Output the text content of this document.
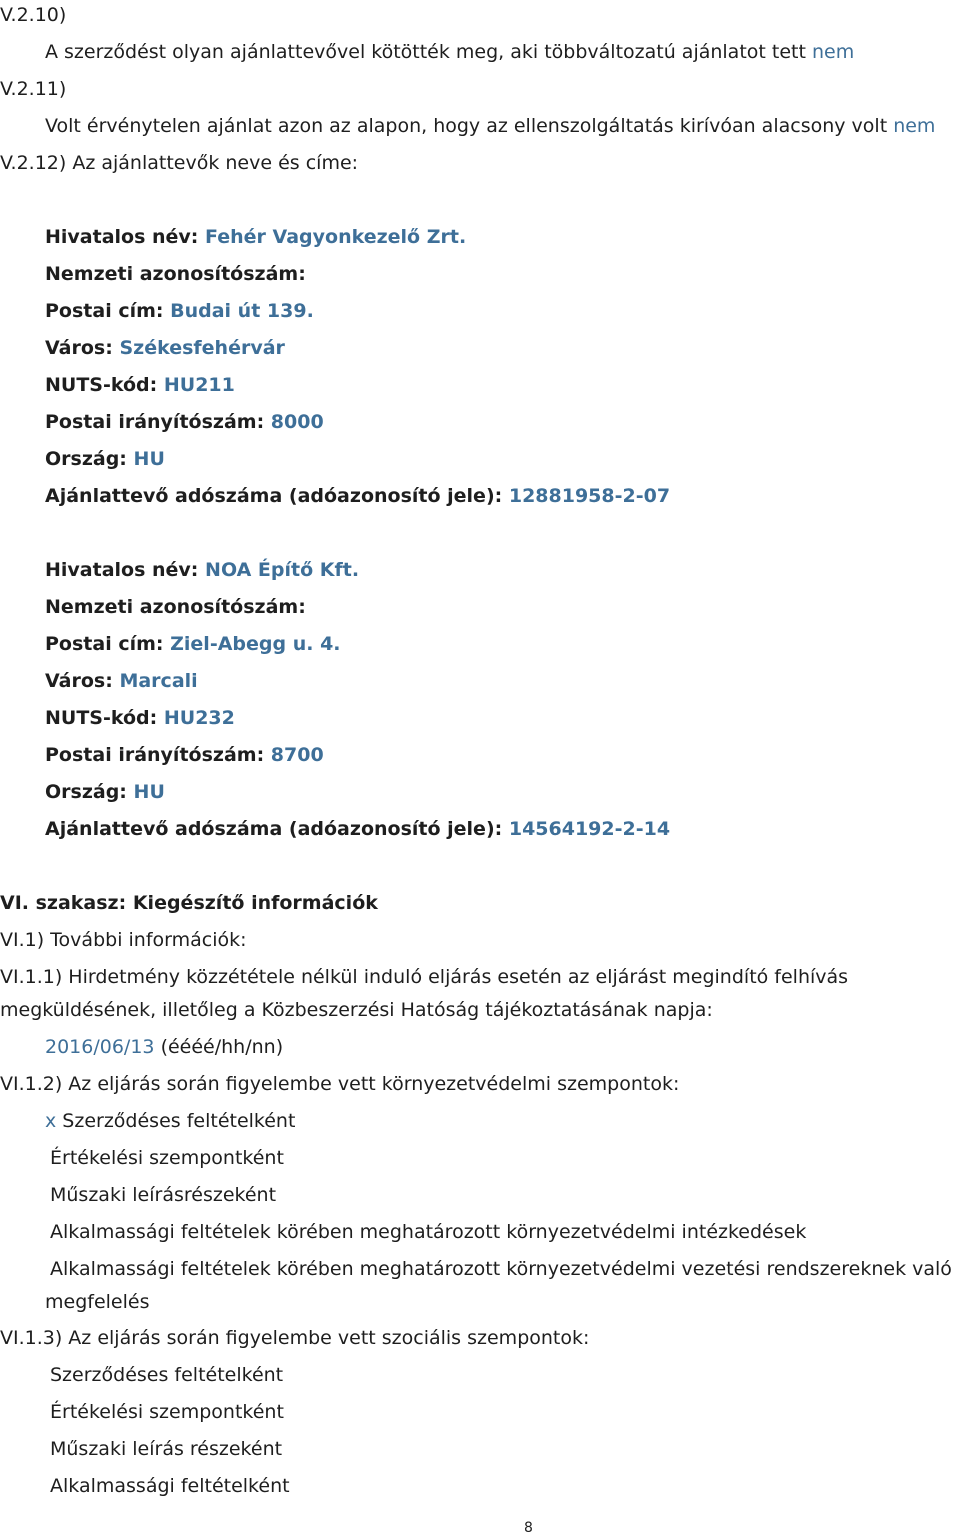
V.2.10)
A szerződést olyan ajánlattevővel kötötték meg, aki többváltozatú ajánlatot tett nem
V.2.11)
Volt érvénytelen ajánlat azon az alapon, hogy az ellenszolgáltatás kirívóan alacsony volt nem
V.2.12) Az ajánlattevők neve és címe:
Hivatalos név: Fehér Vagyonkezelő Zrt.
Nemzeti azonosítószám:
Postai cím: Budai út 139.
Város: Székesfehérvár
NUTS-kód: HU211
Postai irányítószám: 8000
Ország: HU
Ajánlattevő adószáma (adóazonosító jele): 12881958-2-07
Hivatalos név: NOA Építő Kft.
Nemzeti azonosítószám:
Postai cím: Ziel-Abegg u. 4.
Város: Marcali
NUTS-kód: HU232
Postai irányítószám: 8700
Ország: HU
Ajánlattevő adószáma (adóazonosító jele): 14564192-2-14
VI. szakasz: Kiegészítő információk
VI.1) További információk:
VI.1.1) Hirdetmény közzététele nélkül induló eljárás esetén az eljárást megindító felhívás
megküldésének, illetőleg a Közbeszerzési Hatóság tájékoztatásának napja:
2016/06/13 (éééé/hh/nn)
VI.1.2) Az eljárás során figyelembe vett környezetvédelmi szempontok:
x Szerződéses feltételként
Értékelési szempontként
Műszaki leírásrészeként
Alkalmassági feltételek körében meghatározott környezetvédelmi intézkedések
Alkalmassági feltételek körében meghatározott környezetvédelmi vezetési rendszereknek való
megfelelés
VI.1.3) Az eljárás során figyelembe vett szociális szempontok:
Szerződéses feltételként
Értékelési szempontként
Műszaki leírás részeként
Alkalmassági feltételként
8
